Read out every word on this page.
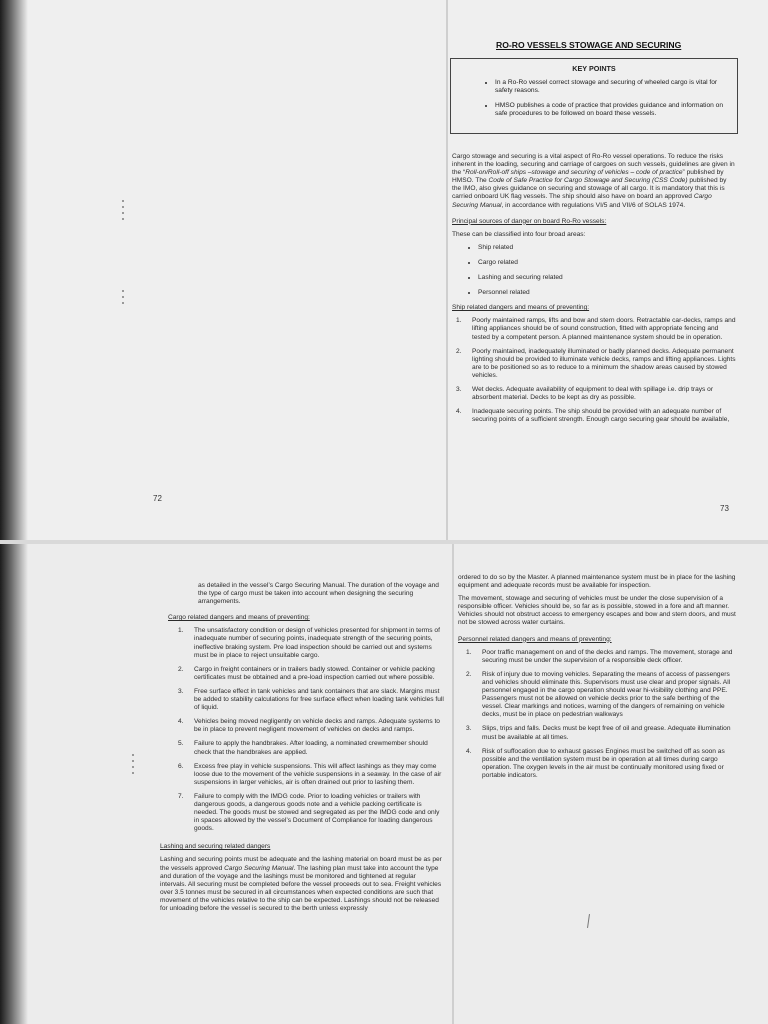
72
RO-RO VESSELS STOWAGE AND SECURING
KEY POINTS
• In a Ro-Ro vessel correct stowage and securing of wheeled cargo is vital for safety reasons.
• HMSO publishes a code of practice that provides guidance and information on safe procedures to be followed on board these vessels.

Cargo stowage and securing is a vital aspect of Ro-Ro vessel operations. To reduce the risks inherent in the loading, securing and carriage of cargoes on such vessels, guidelines are given in the “Roll-on/Roll-off ships –stowage and securing of vehicles – code of practice” published by HMSO. The Code of Safe Practice for Cargo Stowage and Securing (CSS Code) published by the IMO, also gives guidance on securing and stowage of all cargo. It is mandatory that this is carried onboard UK flag vessels. The ship should also have on board an approved Cargo Securing Manual, in accordance with regulations VI/5 and VII/6 of SOLAS 1974.

Principal sources of danger on board Ro-Ro vessels:

These can be classified into four broad areas:

• Ship related
• Cargo related
• Lashing and securing related
• Personnel related

Ship related dangers and means of preventing:

1. Poorly maintained ramps, lifts and bow and stern doors. Retractable car-decks, ramps and lifting appliances should be of sound construction, fitted with appropriate fencing and tested by a competent person. A planned maintenance system should be in operation.
2. Poorly maintained, inadequately illuminated or badly planned decks. Adequate permanent lighting should be provided to illuminate vehicle decks, ramps and lifting appliances. Lights are to be positioned so as to reduce to a minimum the shadow areas caused by stowed vehicles.
3. Wet decks. Adequate availability of equipment to deal with spillage i.e. drip trays or absorbent material. Decks to be kept as dry as possible.
4. Inadequate securing points. The ship should be provided with an adequate number of securing points of a sufficient strength. Enough cargo securing gear should be available,
73

as detailed in the vessel’s Cargo Securing Manual. The duration of the voyage and the type of cargo must be taken into account when designing the securing arrangements.

Cargo related dangers and means of preventing:

1. The unsatisfactory condition or design of vehicles presented for shipment in terms of inadequate number of securing points, inadequate strength of the securing points, ineffective braking system. Pre load inspection should be carried out and systems must be in place to reject unsuitable cargo.
2. Cargo in freight containers or in trailers badly stowed. Container or vehicle packing certificates must be obtained and a pre-load inspection carried out where possible.
3. Free surface effect in tank vehicles and tank containers that are slack. Margins must be added to stability calculations for free surface effect when loading tank vehicles full of liquid.
4. Vehicles being moved negligently on vehicle decks and ramps. Adequate systems to be in place to prevent negligent movement of vehicles on decks and ramps.
5. Failure to apply the handbrakes. After loading, a nominated crewmember should check that the handbrakes are applied.
6. Excess free play in vehicle suspensions. This will affect lashings as they may come loose due to the movement of the vehicle suspensions in a seaway. In the case of air suspensions in larger vehicles, air is often drained out prior to lashing them.
7. Failure to comply with the IMDG code. Prior to loading vehicles or trailers with dangerous goods, a dangerous goods note and a vehicle packing certificate is needed. The goods must be stowed and segregated as per the IMDG code and only in spaces allowed by the vessel’s Document of Compliance for loading dangerous goods.

Lashing and securing related dangers

Lashing and securing points must be adequate and the lashing material on board must be as per the vessels approved Cargo Securing Manual. The lashing plan must take into account the type and duration of the voyage and the lashings must be monitored and tightened at regular intervals. All securing must be completed before the vessel proceeds out to sea. Freight vehicles over 3.5 tonnes must be secured in all circumstances when expected conditions are such that movement of the vehicles relative to the ship can be expected. Lashings should not be released for unloading before the vessel is secured to the berth unless expressly

ordered to do so by the Master. A planned maintenance system must be in place for the lashing equipment and adequate records must be available for inspection.

The movement, stowage and securing of vehicles must be under the close supervision of a responsible officer. Vehicles should be, so far as is possible, stowed in a fore and aft manner. Vehicles should not obstruct access to emergency escapes and bow and stern doors, and must not be stowed across water curtains.

Personnel related dangers and means of preventing:

1. Poor traffic management on and of the decks and ramps. The movement, storage and securing must be under the supervision of a responsible deck officer.
2. Risk of injury due to moving vehicles. Separating the means of access of passengers and vehicles should eliminate this. Supervisors must use clear and proper signals. All personnel engaged in the cargo operation should wear hi-visibility clothing and PPE. Passengers must not be allowed on vehicle decks prior to the safe berthing of the vessel. Clear markings and notices, warning of the dangers of remaining on vehicle decks, must be in place on pedestrian walkways
3. Slips, trips and falls. Decks must be kept free of oil and grease. Adequate illumination must be available at all times.
4. Risk of suffocation due to exhaust gasses Engines must be switched off as soon as possible and the ventilation system must be in operation at all times during cargo operation. The oxygen levels in the air must be continually monitored using fixed or portable indicators.
